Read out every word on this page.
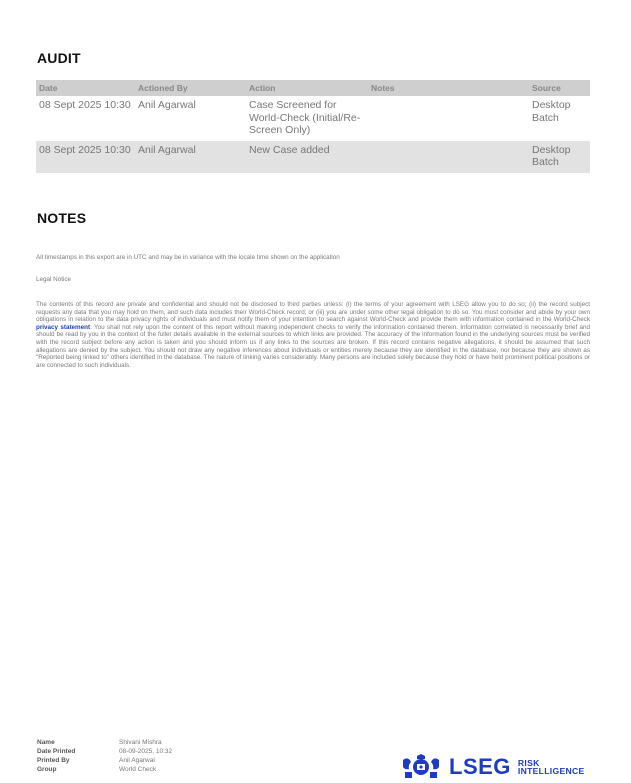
AUDIT
Date	Actioned By	Action	Notes	Source
08 Sept 2025 10:30	Anil Agarwal	Case Screened for World-Check (Initial/Re-Screen Only)		Desktop Batch
08 Sept 2025 10:30	Anil Agarwal	New Case added		Desktop Batch
NOTES
All timestamps in this export are in UTC and may be in variance with the locale time shown on the application
Legal Notice
The contents of this record are private and confidential and should not be disclosed to third parties unless: (i) the terms of your agreement with LSEG allow you to do so; (ii) the record subject requests any data that you may hold on them, and such data includes their World-Check record; or (iii) you are under some other legal obligation to do so. You must consider and abide by your own obligations in relation to the data privacy rights of individuals and must notify them of your intention to search against World-Check and provide them with information contained in the World-Check privacy statement. You shall not rely upon the content of this report without making independent checks to verify the information contained therein. Information correlated is necessarily brief and should be read by you in the context of the fuller details available in the external sources to which links are provided. The accuracy of the information found in the underlying sources must be verified with the record subject before any action is taken and you should inform us if any links to the sources are broken. If this record contains negative allegations, it should be assumed that such allegations are denied by the subject. You should not draw any negative inferences about individuals or entities merely because they are identified in the database, nor because they are shown as "Reported being linked to" others identified in the database. The nature of linking varies considerably. Many persons are included solely because they hold or have held prominent political positions or are connected to such individuals.
Name	Shivani Mishra
Date Printed	08-09-2025, 10:32
Printed By	Anil Agarwal
Group	World Check	LSEG RISK
INTELLIGENCE
